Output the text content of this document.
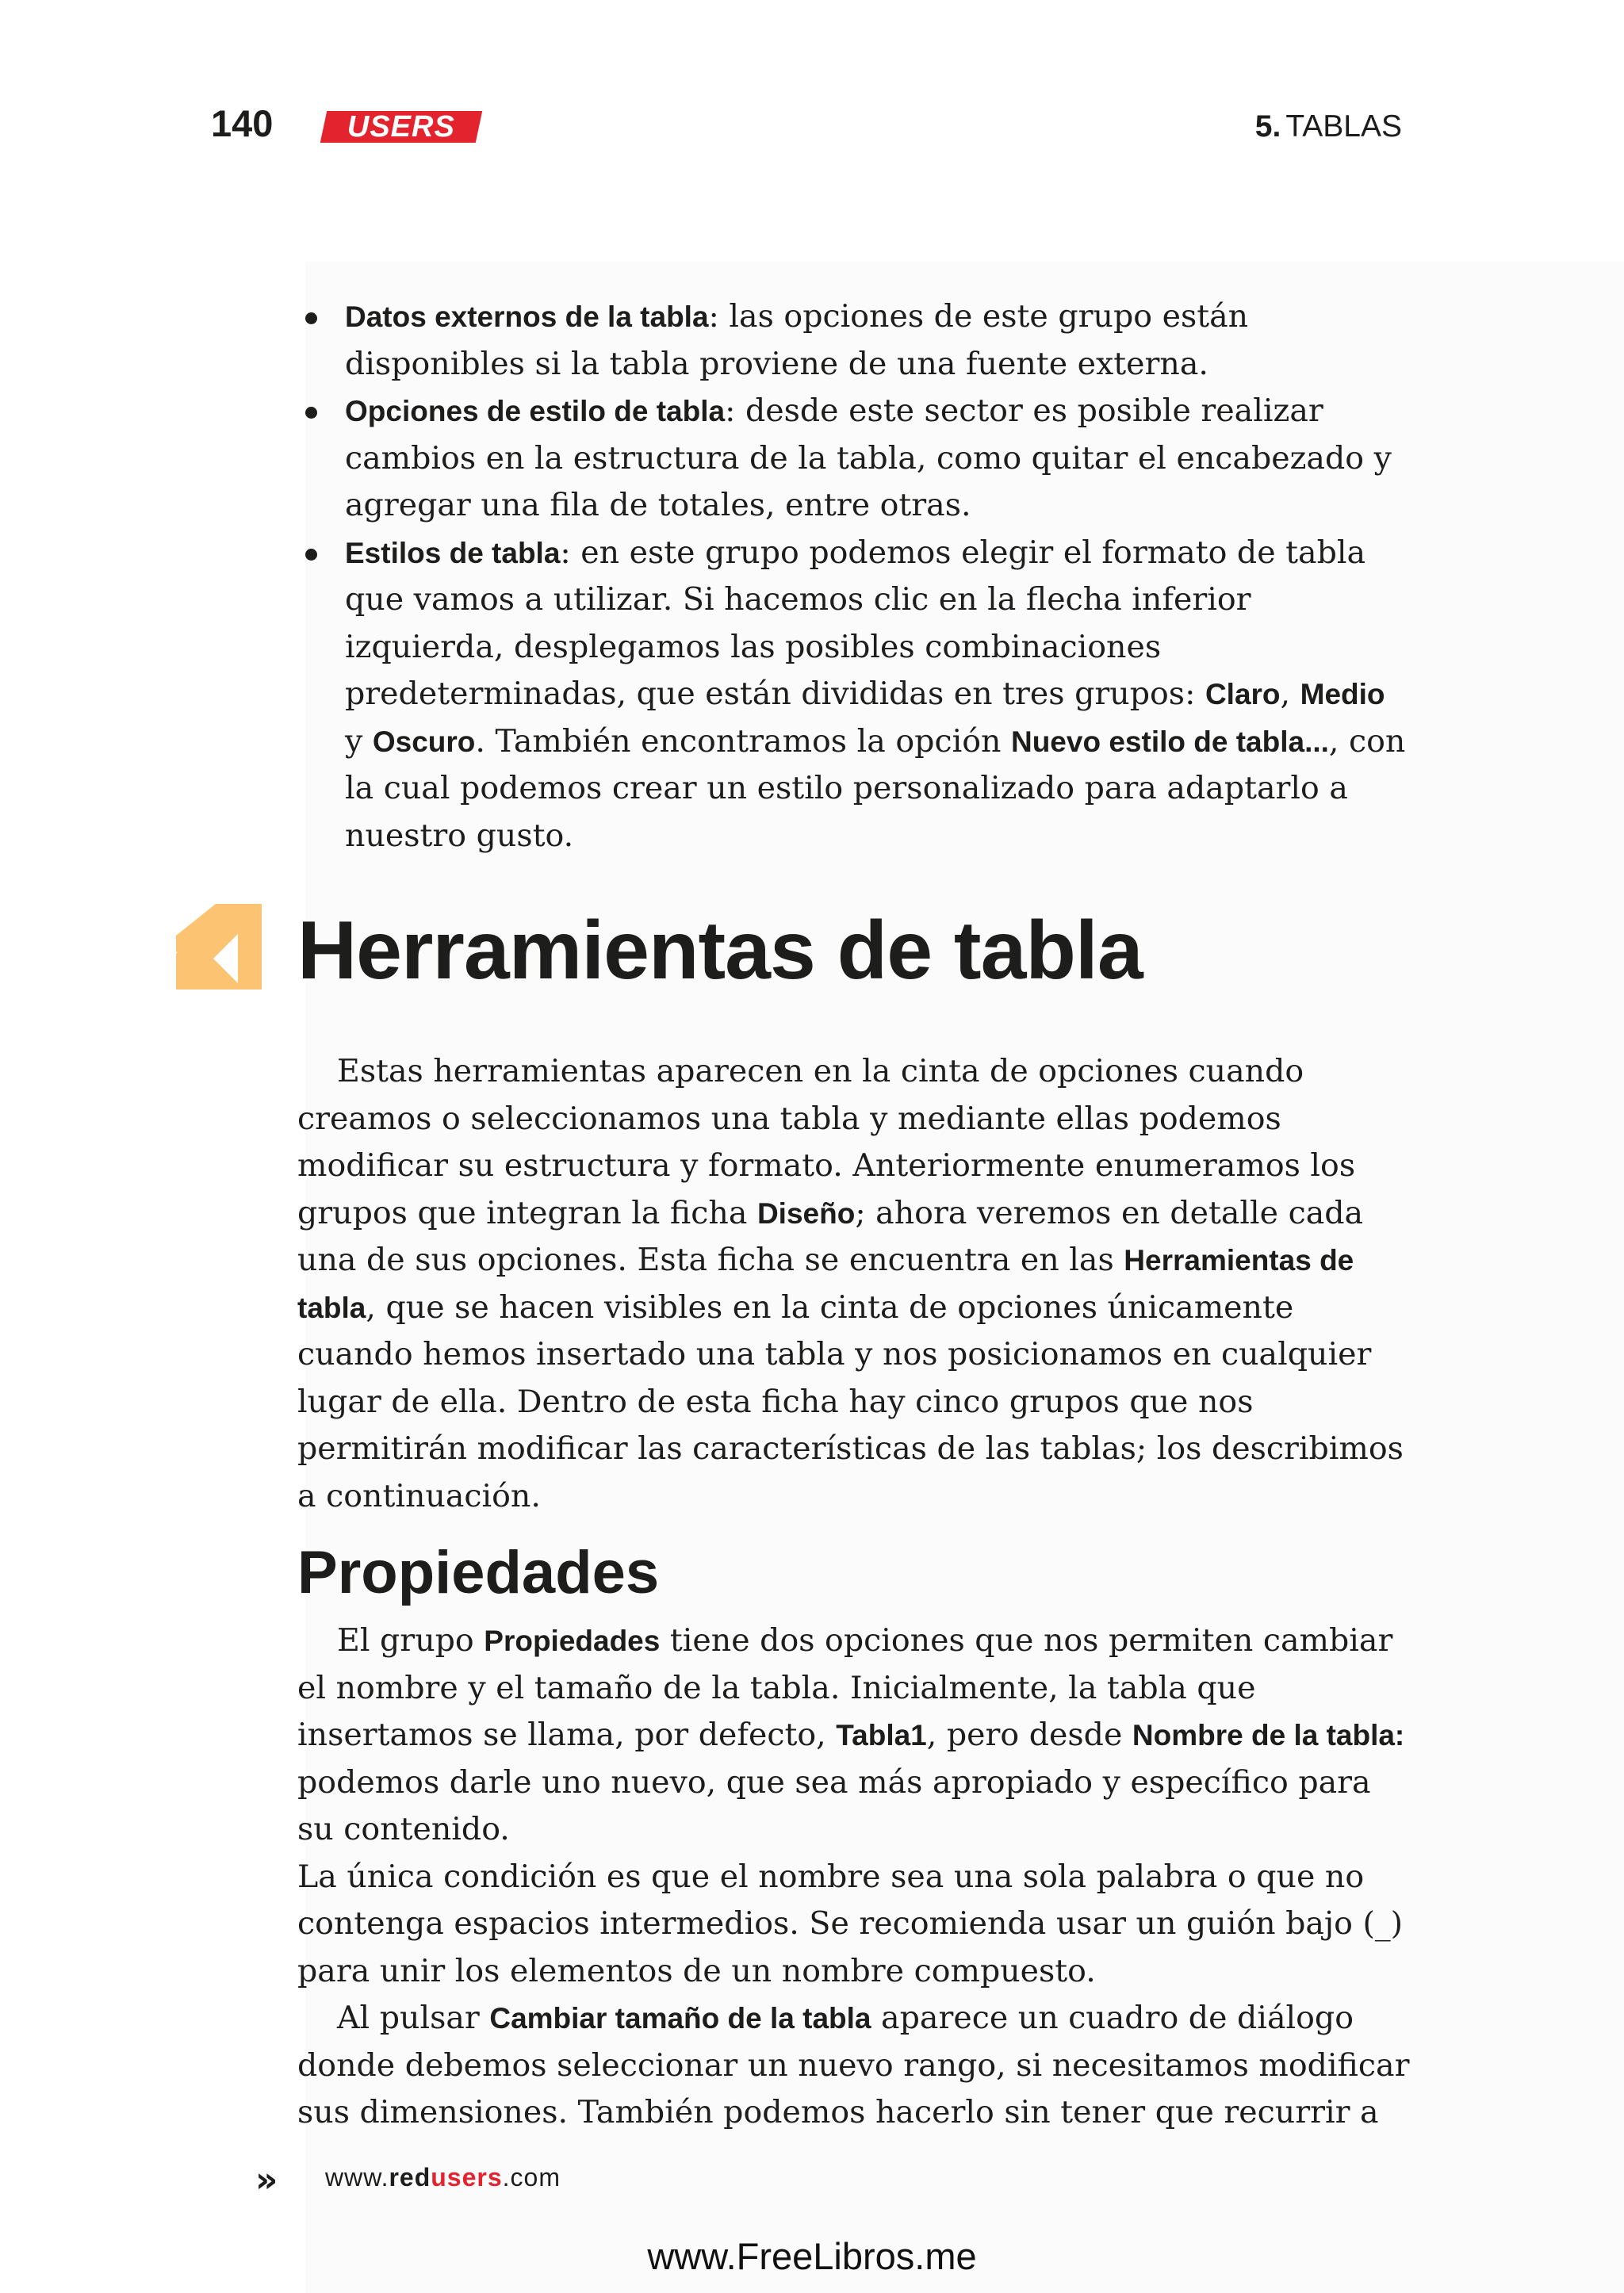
140 USERS	5. TABLAS
Datos externos de la tabla: las opciones de este grupo están disponibles si la tabla proviene de una fuente externa.
Opciones de estilo de tabla: desde este sector es posible realizar cambios en la estructura de la tabla, como quitar el encabezado y agregar una fila de totales, entre otras.
Estilos de tabla: en este grupo podemos elegir el formato de tabla que vamos a utilizar. Si hacemos clic en la flecha inferior izquierda, desplegamos las posibles combinaciones predeterminadas, que están divididas en tres grupos: Claro, Medio y Oscuro. También encontramos la opción Nuevo estilo de tabla..., con la cual podemos crear un estilo personalizado para adaptarlo a nuestro gusto.
Herramientas de tabla

Estas herramientas aparecen en la cinta de opciones cuando creamos o seleccionamos una tabla y mediante ellas podemos modificar su estructura y formato. Anteriormente enumeramos los grupos que integran la ficha Diseño; ahora veremos en detalle cada una de sus opciones. Esta ficha se encuentra en las Herramientas de tabla, que se hacen visibles en la cinta de opciones únicamente cuando hemos insertado una tabla y nos posicionamos en cualquier lugar de ella. Dentro de esta ficha hay cinco grupos que nos permitirán modificar las características de las tablas; los describimos a continuación.

Propiedades

El grupo Propiedades tiene dos opciones que nos permiten cambiar el nombre y el tamaño de la tabla. Inicialmente, la tabla que insertamos se llama, por defecto, Tabla1, pero desde Nombre de la tabla: podemos darle uno nuevo, que sea más apropiado y específico para su contenido.

La única condición es que el nombre sea una sola palabra o que no contenga espacios intermedios. Se recomienda usar un guión bajo (_) para unir los elementos de un nombre compuesto.

Al pulsar Cambiar tamaño de la tabla aparece un cuadro de diálogo donde debemos seleccionar un nuevo rango, si necesitamos modificar sus dimensiones. También podemos hacerlo sin tener que recurrir a

» www.redusers.com
www.FreeLibros.me
